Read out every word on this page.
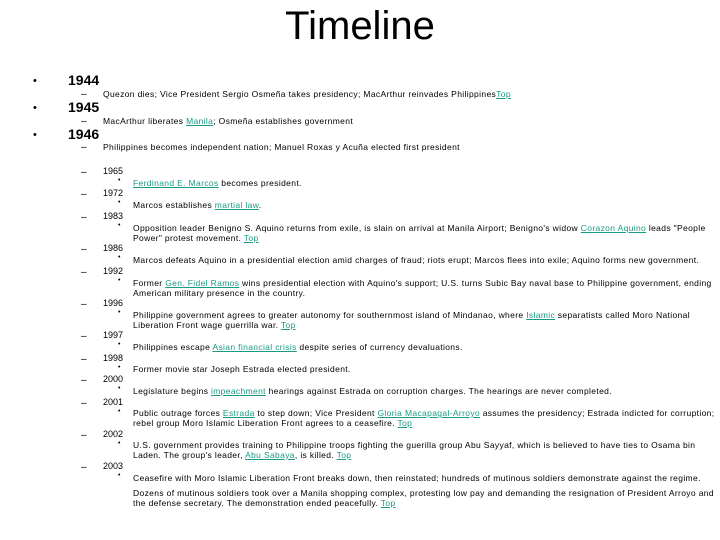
Timeline
• 1944
– Quezon dies; Vice President Sergio Osmeña takes presidency; MacArthur reinvades PhilippinesTop
• 1945
– MacArthur liberates Manila; Osmeña establishes government
• 1946
– Philippines becomes independent nation; Manuel Roxas y Acuña elected first president
– 1965
• Ferdinand E. Marcos becomes president.
– 1972
• Marcos establishes martial law.
– 1983
• Opposition leader Benigno S. Aquino returns from exile, is slain on arrival at Manila Airport; Benigno's widow Corazon Aquino leads "People Power" protest movement. Top
– 1986
• Marcos defeats Aquino in a presidential election amid charges of fraud; riots erupt; Marcos flees into exile; Aquino forms new government.
– 1992
• Former Gen. Fidel Ramos wins presidential election with Aquino's support; U.S. turns Subic Bay naval base to Philippine government, ending American military presence in the country.
– 1996
• Philippine government agrees to greater autonomy for southernmost island of Mindanao, where Islamic separatists called Moro National Liberation Front wage guerrilla war. Top
– 1997
• Philippines escape Asian financial crisis despite series of currency devaluations.
– 1998
• Former movie star Joseph Estrada elected president.
– 2000
• Legislature begins impeachment hearings against Estrada on corruption charges. The hearings are never completed.
– 2001
• Public outrage forces Estrada to step down; Vice President Gloria Macapagal-Arroyo assumes the presidency; Estrada indicted for corruption; rebel group Moro Islamic Liberation Front agrees to a ceasefire. Top
– 2002
• U.S. government provides training to Philippine troops fighting the guerilla group Abu Sayyaf, which is believed to have ties to Osama bin Laden. The group's leader, Abu Sabaya, is killed. Top
– 2003
• Ceasefire with Moro Islamic Liberation Front breaks down, then reinstated; hundreds of mutinous soldiers demonstrate against the regime.
Dozens of mutinous soldiers took over a Manila shopping complex, protesting low pay and demanding the resignation of President Arroyo and the defense secretary. The demonstration ended peacefully. Top
